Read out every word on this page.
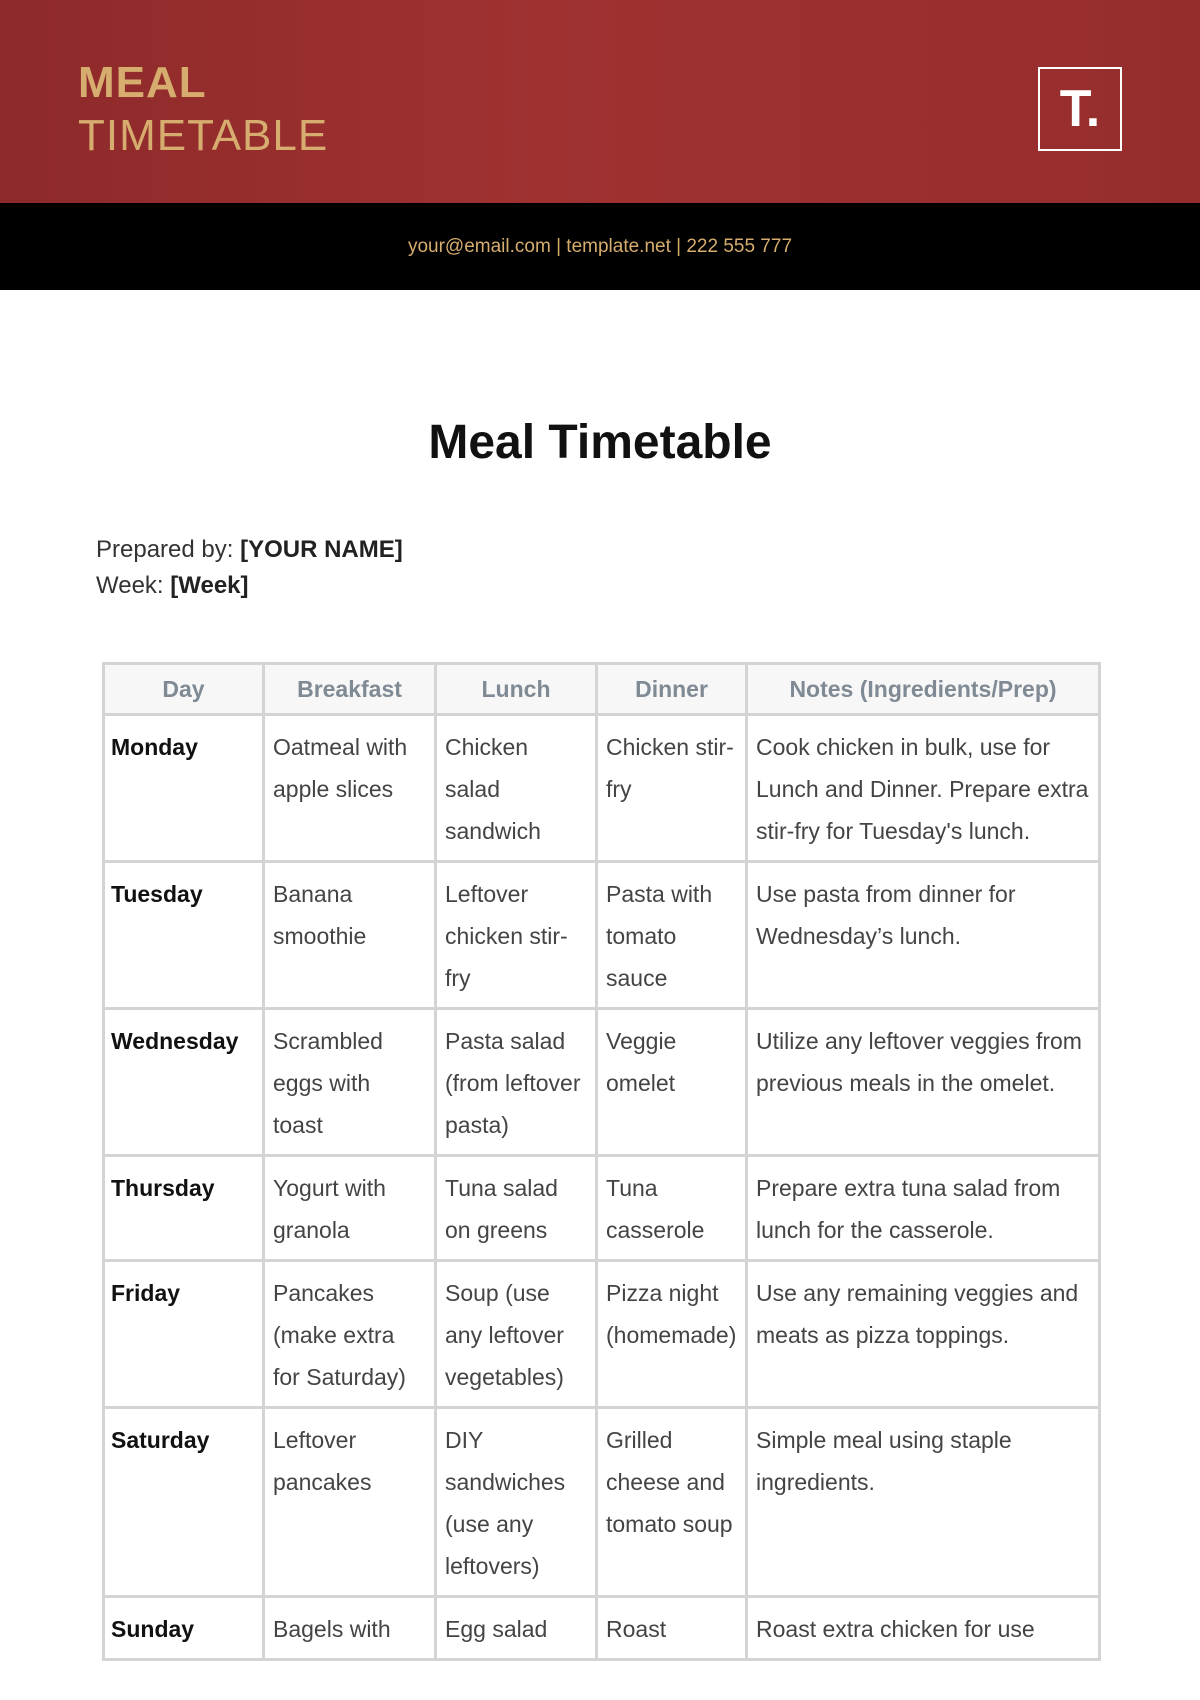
MEAL
TIMETABLE	T.
your@email.com | template.net | 222 555 777
Meal Timetable
Prepared by: [YOUR NAME]
Week: [Week]
Day	Breakfast	Lunch	Dinner	Notes (Ingredients/Prep)
Monday	Oatmeal with apple slices	Chicken salad sandwich	Chicken stir-fry	Cook chicken in bulk, use for Lunch and Dinner. Prepare extra stir-fry for Tuesday's lunch.
Tuesday	Banana smoothie	Leftover chicken stir-fry	Pasta with tomato sauce	Use pasta from dinner for Wednesday’s lunch.
Wednesday	Scrambled eggs with toast	Pasta salad (from leftover pasta)	Veggie omelet	Utilize any leftover veggies from previous meals in the omelet.
Thursday	Yogurt with granola	Tuna salad on greens	Tuna casserole	Prepare extra tuna salad from lunch for the casserole.
Friday	Pancakes (make extra for Saturday)	Soup (use any leftover vegetables)	Pizza night (homemade)	Use any remaining veggies and meats as pizza toppings.
Saturday	Leftover pancakes	DIY sandwiches (use any leftovers)	Grilled cheese and tomato soup	Simple meal using staple ingredients.
Sunday	Bagels with	Egg salad	Roast	Roast extra chicken for use
